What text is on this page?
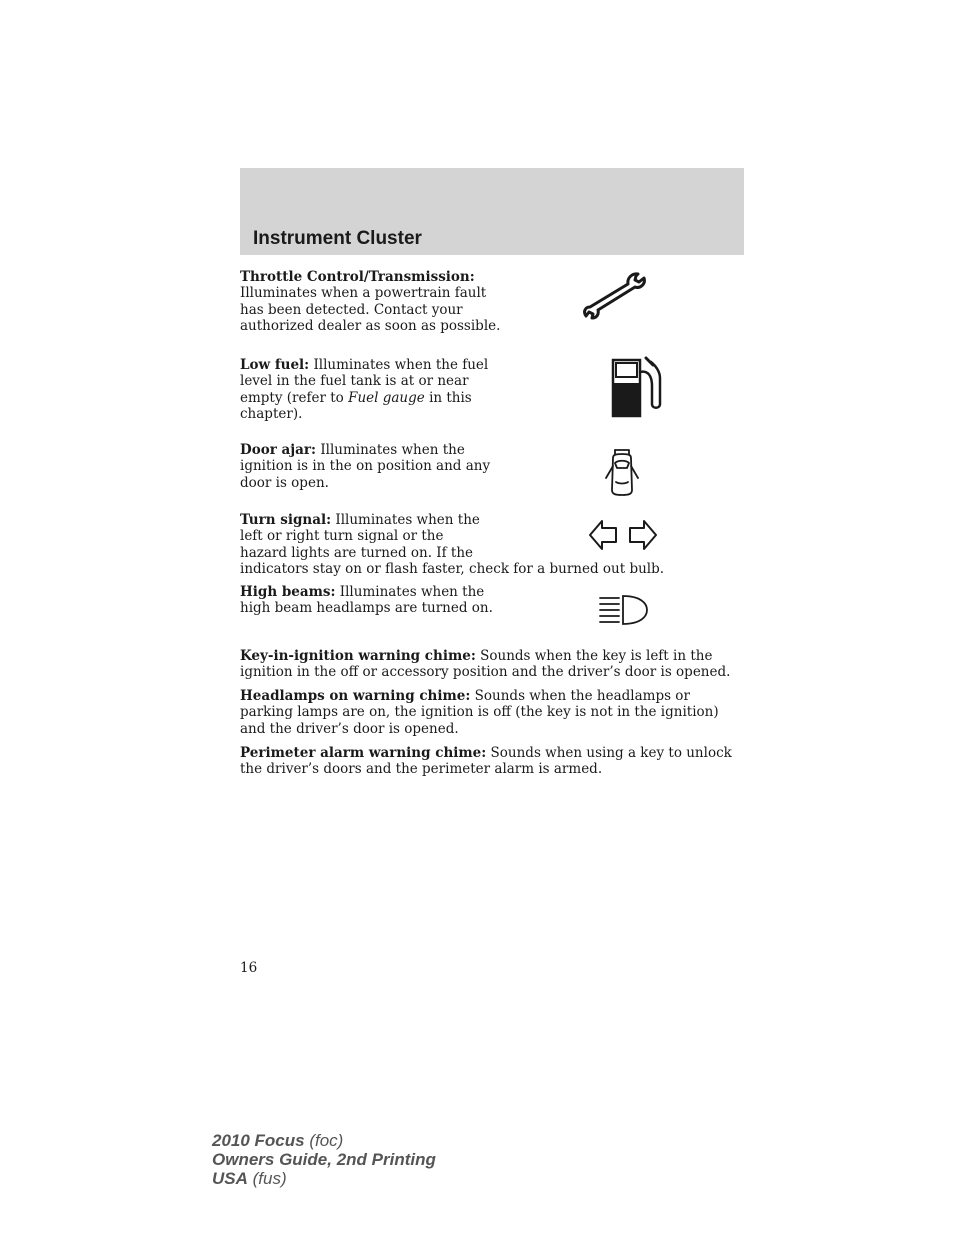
Instrument Cluster

Throttle Control/Transmission: Illuminates when a powertrain fault has been detected. Contact your authorized dealer as soon as possible.

Low fuel: Illuminates when the fuel level in the fuel tank is at or near empty (refer to Fuel gauge in this chapter).

Door ajar: Illuminates when the ignition is in the on position and any door is open.

Turn signal: Illuminates when the
left or right turn signal or the
hazard lights are turned on. If the
indicators stay on or flash faster, check for a burned out bulb.

High beams: Illuminates when the high beam headlamps are turned on.

Key-in-ignition warning chime: Sounds when the key is left in the ignition in the off or accessory position and the driver’s door is opened.

Headlamps on warning chime: Sounds when the headlamps or parking lamps are on, the ignition is off (the key is not in the ignition) and the driver’s door is opened.

Perimeter alarm warning chime: Sounds when using a key to unlock the driver’s doors and the perimeter alarm is armed.

16
2010 Focus (foc)
Owners Guide, 2nd Printing
USA (fus)
